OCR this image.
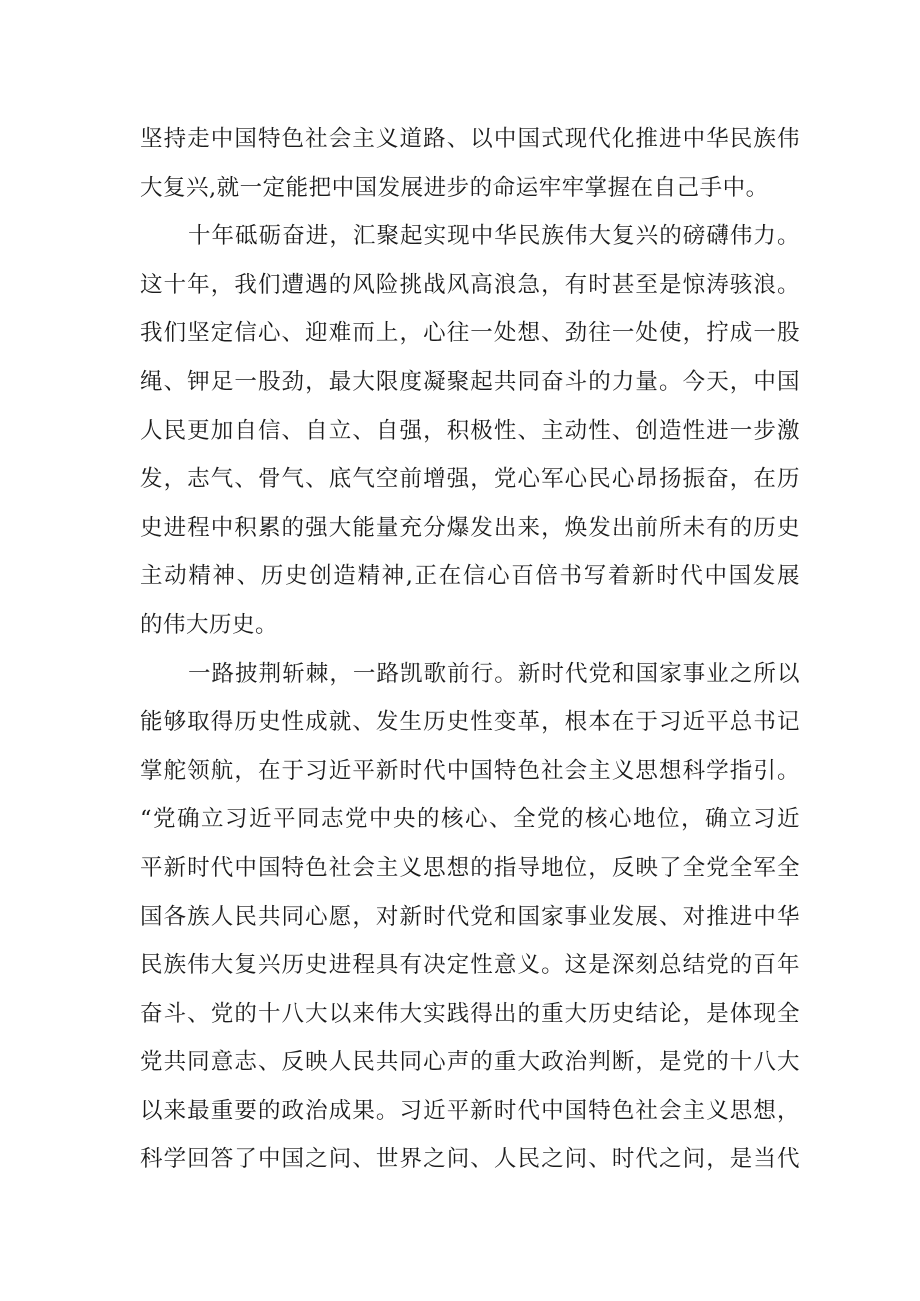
坚持走中国特色社会主义道路、以中国式现代化推进中华民族伟
大复兴,就一定能把中国发展进步的命运牢牢掌握在自己手中。
十年砥砺奋进，汇聚起实现中华民族伟大复兴的磅礴伟力。
这十年，我们遭遇的风险挑战风高浪急，有时甚至是惊涛骇浪。
我们坚定信心、迎难而上，心往一处想、劲往一处使，拧成一股
绳、钾足一股劲，最大限度凝聚起共同奋斗的力量。今天，中国
人民更加自信、自立、自强，积极性、主动性、创造性进一步激
发，志气、骨气、底气空前增强，党心军心民心昂扬振奋，在历
史进程中积累的强大能量充分爆发出来，焕发出前所未有的历史
主动精神、历史创造精神,正在信心百倍书写着新时代中国发展
的伟大历史。
一路披荆斩棘，一路凯歌前行。新时代党和国家事业之所以
能够取得历史性成就、发生历史性变革，根本在于习近平总书记
掌舵领航，在于习近平新时代中国特色社会主义思想科学指引。
“党确立习近平同志党中央的核心、全党的核心地位，确立习近
平新时代中国特色社会主义思想的指导地位，反映了全党全军全
国各族人民共同心愿，对新时代党和国家事业发展、对推进中华
民族伟大复兴历史进程具有决定性意义。这是深刻总结党的百年
奋斗、党的十八大以来伟大实践得出的重大历史结论，是体现全
党共同意志、反映人民共同心声的重大政治判断，是党的十八大
以来最重要的政治成果。习近平新时代中国特色社会主义思想，
科学回答了中国之问、世界之问、人民之问、时代之问，是当代
